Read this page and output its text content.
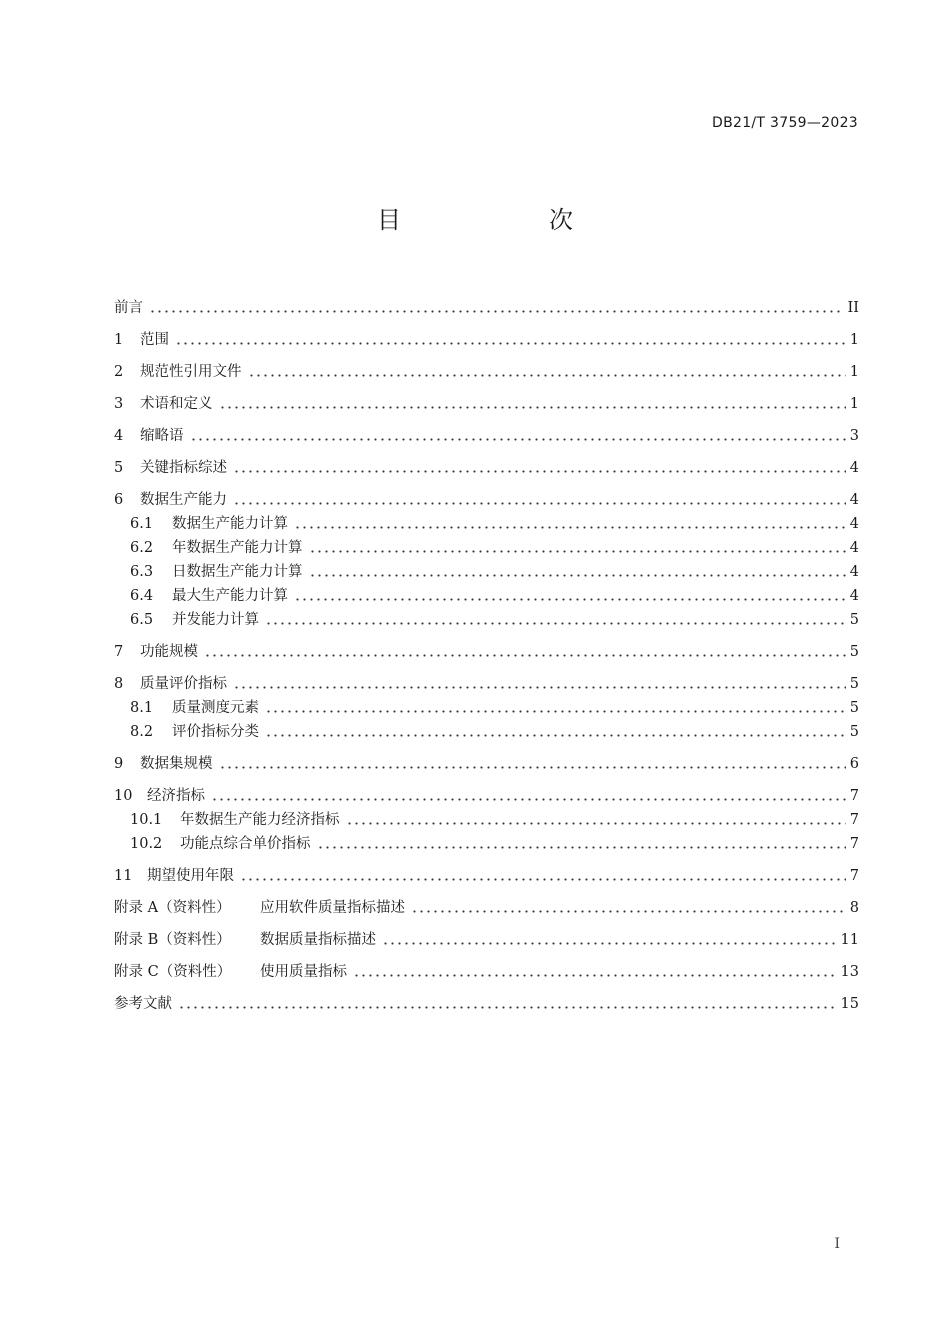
DB21/T 3759—2023
目　次
前言	II
1	范围	1
2	规范性引用文件	1
3	术语和定义	1
4	缩略语	3
5	关键指标综述	4
6	数据生产能力	4
6.1	数据生产能力计算	4
6.2	年数据生产能力计算	4
6.3	日数据生产能力计算	4
6.4	最大生产能力计算	4
6.5	并发能力计算	5
7	功能规模	5
8	质量评价指标	5
8.1	质量测度元素	5
8.2	评价指标分类	5
9	数据集规模	6
10	经济指标	7
10.1	年数据生产能力经济指标	7
10.2	功能点综合单价指标	7
11	期望使用年限	7
附录 A（资料性）	应用软件质量指标描述	8
附录 B（资料性）	数据质量指标描述	11
附录 C（资料性）	使用质量指标	13
参考文献	15
I
